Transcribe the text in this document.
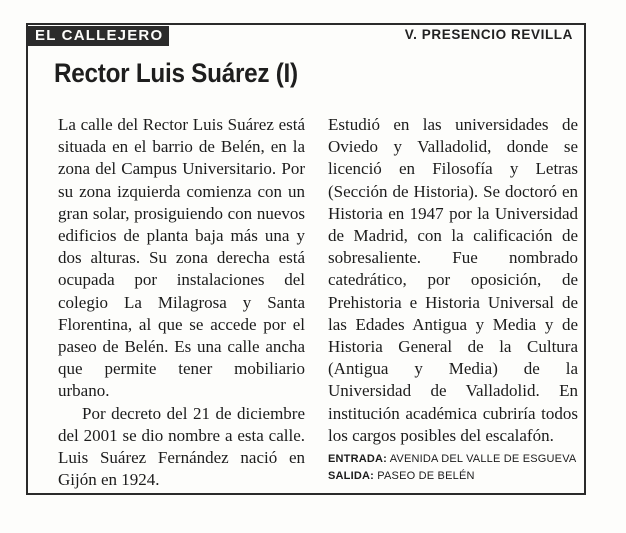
EL CALLEJERO	V. PRESENCIO REVILLA
Rector Luis Suárez (I)

La calle del Rector Luis Suárez está situada en el barrio de Belén, en la zona del Campus Universitario. Por su zona izquierda comienza con un gran solar, prosiguiendo con nuevos edificios de planta baja más una y dos alturas. Su zona derecha está ocupada por instalaciones del colegio La Milagrosa y Santa Florentina, al que se accede por el paseo de Belén. Es una calle ancha que permite tener mobiliario urbano.

Por decreto del 21 de diciembre del 2001 se dio nombre a esta calle. Luis Suárez Fernández nació en Gijón en 1924.

Estudió en las universidades de Oviedo y Valladolid, donde se licenció en Filosofía y Letras (Sección de Historia). Se doctoró en Historia en 1947 por la Universidad de Madrid, con la calificación de sobresaliente. Fue nombrado catedrático, por oposición, de Prehistoria e Historia Universal de las Edades Antigua y Media y de Historia General de la Cultura (Antigua y Media) de la Universidad de Valladolid. En institución académica cubriría todos los cargos posibles del escalafón.

ENTRADA: AVENIDA DEL VALLE DE ESGUEVA
SALIDA: PASEO DE BELÉN
